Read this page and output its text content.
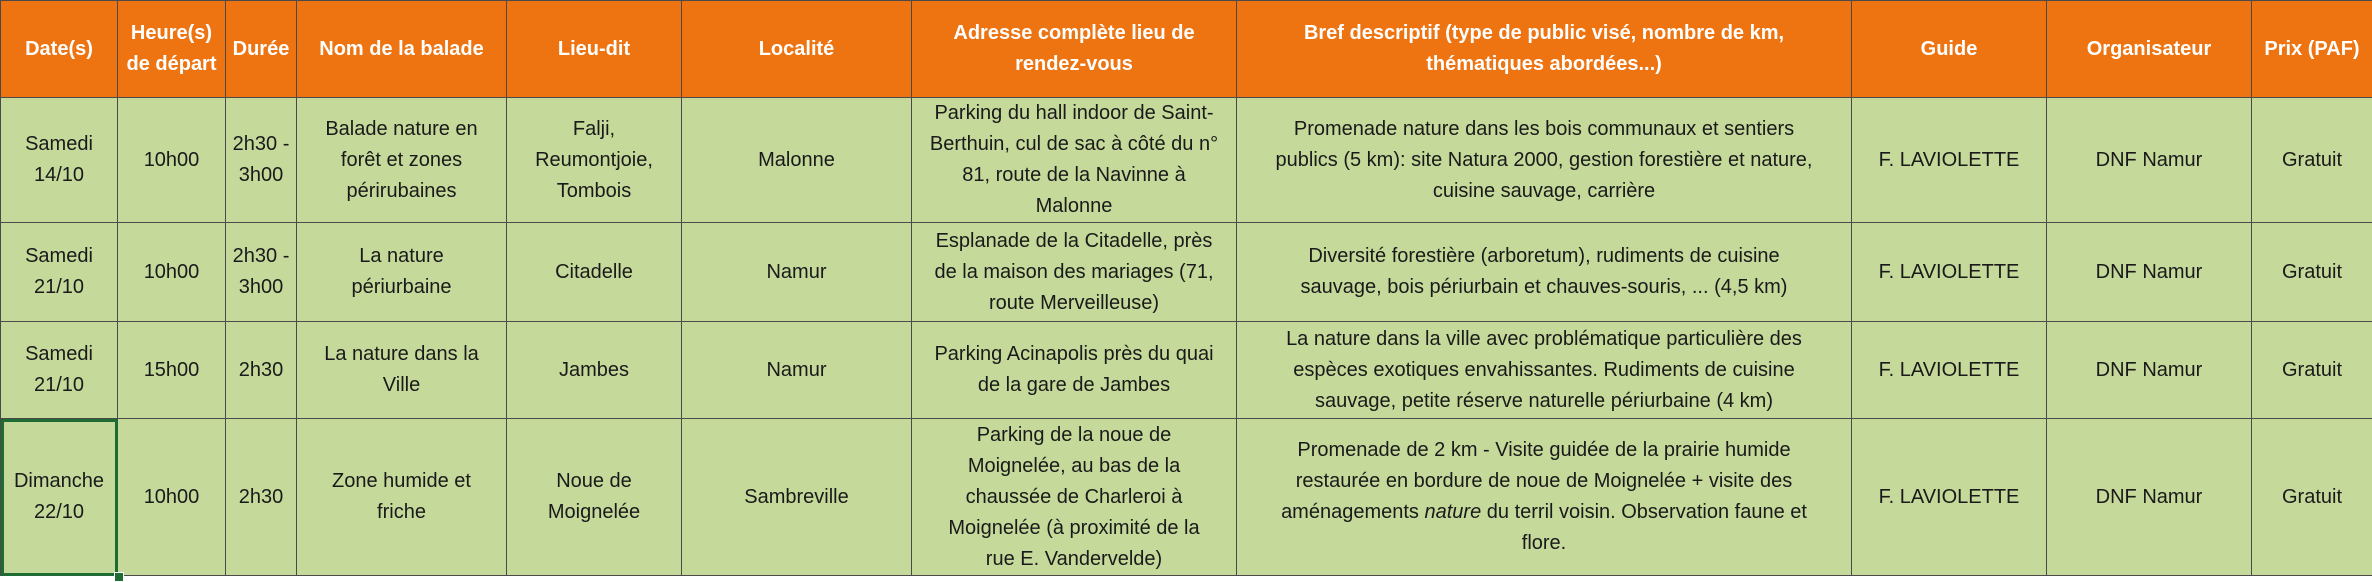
Date(s)	Heure(s) de départ	Durée	Nom de la balade	Lieu-dit	Localité	Adresse complète lieu de rendez-vous	Bref descriptif (type de public visé, nombre de km, thématiques abordées...)	Guide	Organisateur	Prix (PAF)
Samedi
14/10	10h00	2h30 -
3h00	Balade nature en
forêt et zones
périrubaines	Falji,
Reumontjoie,
Tombois	Malonne	Parking du hall indoor de Saint-
Berthuin, cul de sac à côté du n°
81, route de la Navinne à
Malonne	Promenade nature dans les bois communaux et sentiers
publics (5 km): site Natura 2000, gestion forestière et nature,
cuisine sauvage, carrière	F. LAVIOLETTE	DNF Namur	Gratuit
Samedi
21/10	10h00	2h30 -
3h00	La nature
périurbaine	Citadelle	Namur	Esplanade de la Citadelle, près
de la maison des mariages (71,
route Merveilleuse)	Diversité forestière (arboretum), rudiments de cuisine
sauvage, bois périurbain et chauves-souris, ... (4,5 km)	F. LAVIOLETTE	DNF Namur	Gratuit
Samedi
21/10	15h00	2h30	La nature dans la
Ville	Jambes	Namur	Parking Acinapolis près du quai
de la gare de Jambes	La nature dans la ville avec problématique particulière des
espèces exotiques envahissantes. Rudiments de cuisine
sauvage, petite réserve naturelle périurbaine (4 km)	F. LAVIOLETTE	DNF Namur	Gratuit
Dimanche
22/10	10h00	2h30	Zone humide et
friche	Noue de
Moignelée	Sambreville	Parking de la noue de
Moignelée, au bas de la
chaussée de Charleroi à
Moignelée (à proximité de la
rue E. Vandervelde)	Promenade de 2 km - Visite guidée de la prairie humide
restaurée en bordure de noue de Moignelée + visite des
aménagements nature du terril voisin. Observation faune et
flore.	F. LAVIOLETTE	DNF Namur	Gratuit
